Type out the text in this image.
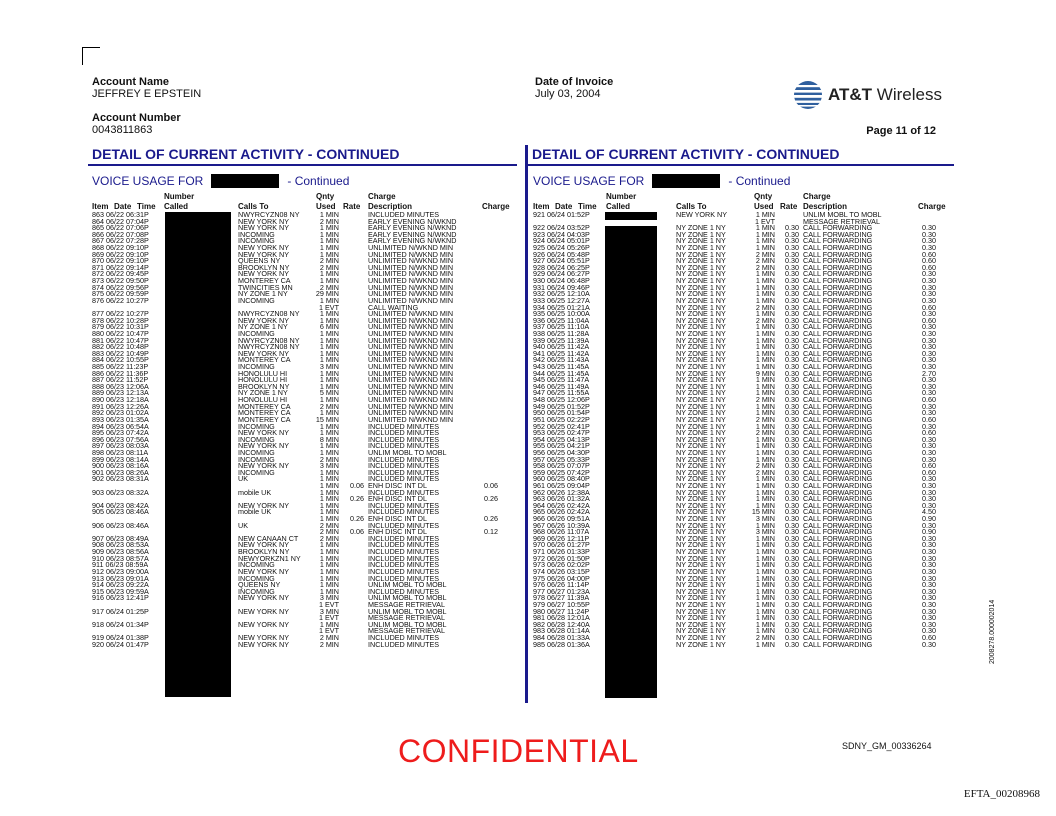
Account Name
JEFFREY E EPSTEIN
Account Number
0043811863
Date of Invoice
July 03, 2004	AT&T Wireless
Page 11 of 12
DETAIL OF CURRENT ACTIVITY - CONTINUED	DETAIL OF CURRENT ACTIVITY - CONTINUED
VOICE USAGE FOR	- Continued	VOICE USAGE FOR	- Continued
Number
Item Date Time Called	Calls To
Qnty
Used Rate
Charge
Description	Charge
Number
Item Date Time Called	Calls To
Qnty
Used Rate
Charge
Description	Charge
863 06/22 06:31P	NWYRCYZN08 NY	1 MIN	INCLUDED MINUTES
864 06/22 07:04P	NEW YORK NY	2 MIN	EARLY EVENING N/WKND
865 06/22 07:06P	NEW YORK NY	1 MIN	EARLY EVENING N/WKND
866 06/22 07:08P	INCOMING	1 MIN	EARLY EVENING N/WKND
867 06/22 07:28P	INCOMING	1 MIN	EARLY EVENING N/WKND
868 06/22 09:10P	NEW YORK NY	1 MIN	UNLIMITED N/WKND MIN
869 06/22 09:10P	NEW YORK NY	1 MIN	UNLIMITED N/WKND MIN
870 06/22 09:10P	QUEENS NY	2 MIN	UNLIMITED N/WKND MIN
871 06/22 09:14P	BROOKLYN NY	2 MIN	UNLIMITED N/WKND MIN
872 06/22 09:45P	NEW YORK NY	1 MIN	UNLIMITED N/WKND MIN
873 06/22 09:50P	MONTEREY CA	1 MIN	UNLIMITED N/WKND MIN
874 06/22 09:56P	TWINCITIES MN	2 MIN	UNLIMITED N/WKND MIN
875 06/22 09:59P	NY ZONE 1 NY	29 MIN	UNLIMITED N/WKND MIN
876 06/22 10:27P	INCOMING	1 MIN	UNLIMITED N/WKND MIN
1 EVT	CALL WAITING
877 06/22 10:27P	NWYRCYZN08 NY	1 MIN	UNLIMITED N/WKND MIN
878 06/22 10:28P	NEW YORK NY	1 MIN	UNLIMITED N/WKND MIN
879 06/22 10:31P	NY ZONE 1 NY	6 MIN	UNLIMITED N/WKND MIN
880 06/22 10:47P	INCOMING	1 MIN	UNLIMITED N/WKND MIN
881 06/22 10:47P	NWYRCYZN08 NY	1 MIN	UNLIMITED N/WKND MIN
882 06/22 10:48P	NWYRCYZN08 NY	1 MIN	UNLIMITED N/WKND MIN
883 06/22 10:49P	NEW YORK NY	1 MIN	UNLIMITED N/WKND MIN
884 06/22 10:55P	MONTEREY CA	1 MIN	UNLIMITED N/WKND MIN
885 06/22 11:23P	INCOMING	3 MIN	UNLIMITED N/WKND MIN
886 06/22 11:36P	HONOLULU HI	1 MIN	UNLIMITED N/WKND MIN
887 06/22 11:52P	HONOLULU HI	1 MIN	UNLIMITED N/WKND MIN
888 06/23 12:06A	BROOKLYN NY	1 MIN	UNLIMITED N/WKND MIN
889 06/23 12:13A	NY ZONE 1 NY	5 MIN	UNLIMITED N/WKND MIN
890 06/23 12:18A	HONOLULU HI	1 MIN	UNLIMITED N/WKND MIN
891 06/23 12:26A	MONTEREY CA	2 MIN	UNLIMITED N/WKND MIN
892 06/23 01:02A	MONTEREY CA	1 MIN	UNLIMITED N/WKND MIN
893 06/23 01:35A	MONTEREY CA	15 MIN	UNLIMITED N/WKND MIN
894 06/23 06:54A	INCOMING	1 MIN	INCLUDED MINUTES
895 06/23 07:42A	NEW YORK NY	1 MIN	INCLUDED MINUTES
896 06/23 07:56A	INCOMING	8 MIN	INCLUDED MINUTES
897 06/23 08:03A	NEW YORK NY	1 MIN	INCLUDED MINUTES
898 06/23 08:11A	INCOMING	1 MIN	UNLIM MOBL TO MOBL
899 06/23 08:14A	INCOMING	2 MIN	INCLUDED MINUTES
900 06/23 08:16A	NEW YORK NY	3 MIN	INCLUDED MINUTES
901 06/23 08:26A	INCOMING	1 MIN	INCLUDED MINUTES
902 06/23 08:31A	UK	1 MIN	INCLUDED MINUTES
1 MIN 0.06 ENH DISC INT DL	0.06
903 06/23 08:32A	mobile UK	1 MIN	INCLUDED MINUTES
1 MIN 0.26 ENH DISC INT DL	0.26
904 06/23 08:42A	NEW YORK NY	1 MIN	INCLUDED MINUTES
905 06/23 08:46A	mobile UK	1 MIN	INCLUDED MINUTES
1 MIN 0.26 ENH DISC INT DL	0.26
906 06/23 08:46A	UK	2 MIN	INCLUDED MINUTES
2 MIN 0.06 ENH DISC INT DL	0.12
907 06/23 08:49A	NEW CANAAN CT	2 MIN	INCLUDED MINUTES
908 06/23 08:53A	NEW YORK NY	1 MIN	INCLUDED MINUTES
909 06/23 08:56A	BROOKLYN NY	1 MIN	INCLUDED MINUTES
910 06/23 08:57A	NEWYORKZN1 NY	1 MIN	INCLUDED MINUTES
911 06/23 08:59A	INCOMING	1 MIN	INCLUDED MINUTES
912 06/23 09:00A	NEW YORK NY	1 MIN	INCLUDED MINUTES
913 06/23 09:01A	INCOMING	1 MIN	INCLUDED MINUTES
914 06/23 09:22A	QUEENS NY	1 MIN	UNLIM MOBL TO MOBL
915 06/23 09:59A	INCOMING	1 MIN	INCLUDED MINUTES
916 06/23 12:41P	NEW YORK NY	3 MIN	UNLIM MOBL TO MOBL
1 EVT	MESSAGE RETRIEVAL
917 06/24 01:25P	NEW YORK NY	3 MIN	UNLIM MOBL TO MOBL
1 EVT	MESSAGE RETRIEVAL
918 06/24 01:34P	NEW YORK NY	1 MIN	UNLIM MOBL TO MOBL
1 EVT	MESSAGE RETRIEVAL
919 06/24 01:38P	NEW YORK NY	2 MIN	INCLUDED MINUTES
920 06/24 01:47P	NEW YORK NY	2 MIN	INCLUDED MINUTES
921 06/24 01:52P	NEW YORK NY	1 MIN	UNLIM MOBL TO MOBL
1 EVT	MESSAGE RETRIEVAL
922 06/24 03:52P	NY ZONE 1 NY	1 MIN 0.30 CALL FORWARDING	0.30
923 06/24 04:03P	NY ZONE 1 NY	1 MIN 0.30 CALL FORWARDING	0.30
924 06/24 05:01P	NY ZONE 1 NY	1 MIN 0.30 CALL FORWARDING	0.30
925 06/24 05:26P	NY ZONE 1 NY	1 MIN 0.30 CALL FORWARDING	0.30
926 06/24 05:48P	NY ZONE 1 NY	2 MIN 0.30 CALL FORWARDING	0.60
927 06/24 05:51P	NY ZONE 1 NY	2 MIN 0.30 CALL FORWARDING	0.60
928 06/24 06:25P	NY ZONE 1 NY	2 MIN 0.30 CALL FORWARDING	0.60
929 06/24 06:27P	NY ZONE 1 NY	1 MIN 0.30 CALL FORWARDING	0.30
930 06/24 06:48P	NY ZONE 1 NY	1 MIN 0.30 CALL FORWARDING	0.30
931 06/24 09:46P	NY ZONE 1 NY	1 MIN 0.30 CALL FORWARDING	0.30
932 06/25 12:10A	NY ZONE 1 NY	1 MIN 0.30 CALL FORWARDING	0.30
933 06/25 12:27A	NY ZONE 1 NY	1 MIN 0.30 CALL FORWARDING	0.30
934 06/25 01:21A	NY ZONE 1 NY	2 MIN 0.30 CALL FORWARDING	0.60
935 06/25 10:00A	NY ZONE 1 NY	1 MIN 0.30 CALL FORWARDING	0.30
936 06/25 11:04A	NY ZONE 1 NY	2 MIN 0.30 CALL FORWARDING	0.60
937 06/25 11:10A	NY ZONE 1 NY	1 MIN 0.30 CALL FORWARDING	0.30
938 06/25 11:28A	NY ZONE 1 NY	1 MIN 0.30 CALL FORWARDING	0.30
939 06/25 11:39A	NY ZONE 1 NY	1 MIN 0.30 CALL FORWARDING	0.30
940 06/25 11:42A	NY ZONE 1 NY	1 MIN 0.30 CALL FORWARDING	0.30
941 06/25 11:42A	NY ZONE 1 NY	1 MIN 0.30 CALL FORWARDING	0.30
942 06/25 11:43A	NY ZONE 1 NY	1 MIN 0.30 CALL FORWARDING	0.30
943 06/25 11:45A	NY ZONE 1 NY	1 MIN 0.30 CALL FORWARDING	0.30
944 06/25 11:45A	NY ZONE 1 NY	9 MIN 0.30 CALL FORWARDING	2.70
945 06/25 11:47A	NY ZONE 1 NY	1 MIN 0.30 CALL FORWARDING	0.30
946 06/25 11:49A	NY ZONE 1 NY	1 MIN 0.30 CALL FORWARDING	0.30
947 06/25 11:55A	NY ZONE 1 NY	1 MIN 0.30 CALL FORWARDING	0.30
948 06/25 12:06P	NY ZONE 1 NY	2 MIN 0.30 CALL FORWARDING	0.60
949 06/25 01:52P	NY ZONE 1 NY	1 MIN 0.30 CALL FORWARDING	0.30
950 06/25 01:54P	NY ZONE 1 NY	1 MIN 0.30 CALL FORWARDING	0.30
951 06/25 02:22P	NY ZONE 1 NY	2 MIN 0.30 CALL FORWARDING	0.60
952 06/25 02:41P	NY ZONE 1 NY	1 MIN 0.30 CALL FORWARDING	0.30
953 06/25 02:47P	NY ZONE 1 NY	2 MIN 0.30 CALL FORWARDING	0.60
954 06/25 04:13P	NY ZONE 1 NY	1 MIN 0.30 CALL FORWARDING	0.30
955 06/25 04:21P	NY ZONE 1 NY	1 MIN 0.30 CALL FORWARDING	0.30
956 06/25 04:30P	NY ZONE 1 NY	1 MIN 0.30 CALL FORWARDING	0.30
957 06/25 05:33P	NY ZONE 1 NY	1 MIN 0.30 CALL FORWARDING	0.30
958 06/25 07:07P	NY ZONE 1 NY	2 MIN 0.30 CALL FORWARDING	0.60
959 06/25 07:42P	NY ZONE 1 NY	2 MIN 0.30 CALL FORWARDING	0.60
960 06/25 08:40P	NY ZONE 1 NY	1 MIN 0.30 CALL FORWARDING	0.30
961 06/25 09:04P	NY ZONE 1 NY	1 MIN 0.30 CALL FORWARDING	0.30
962 06/26 12:38A	NY ZONE 1 NY	1 MIN 0.30 CALL FORWARDING	0.30
963 06/26 01:32A	NY ZONE 1 NY	1 MIN 0.30 CALL FORWARDING	0.30
964 06/26 02:42A	NY ZONE 1 NY	1 MIN 0.30 CALL FORWARDING	0.30
965 06/26 02:42A	NY ZONE 1 NY	15 MIN 0.30 CALL FORWARDING	4.50
966 06/26 09:51A	NY ZONE 1 NY	3 MIN 0.30 CALL FORWARDING	0.90
967 06/26 10:39A	NY ZONE 1 NY	1 MIN 0.30 CALL FORWARDING	0.30
968 06/26 11:07A	NY ZONE 1 NY	3 MIN 0.30 CALL FORWARDING	0.90
969 06/26 12:11P	NY ZONE 1 NY	1 MIN 0.30 CALL FORWARDING	0.30
970 06/26 01:27P	NY ZONE 1 NY	1 MIN 0.30 CALL FORWARDING	0.30
971 06/26 01:33P	NY ZONE 1 NY	1 MIN 0.30 CALL FORWARDING	0.30
972 06/26 01:50P	NY ZONE 1 NY	1 MIN 0.30 CALL FORWARDING	0.30
973 06/26 02:02P	NY ZONE 1 NY	1 MIN 0.30 CALL FORWARDING	0.30
974 06/26 03:15P	NY ZONE 1 NY	1 MIN 0.30 CALL FORWARDING	0.30
975 06/26 04:00P	NY ZONE 1 NY	1 MIN 0.30 CALL FORWARDING	0.30
976 06/26 11:14P	NY ZONE 1 NY	1 MIN 0.30 CALL FORWARDING	0.30
977 06/27 01:23A	NY ZONE 1 NY	1 MIN 0.30 CALL FORWARDING	0.30
978 06/27 11:39A	NY ZONE 1 NY	1 MIN 0.30 CALL FORWARDING	0.30
979 06/27 10:55P	NY ZONE 1 NY	1 MIN 0.30 CALL FORWARDING	0.30
980 06/27 11:24P	NY ZONE 1 NY	1 MIN 0.30 CALL FORWARDING	0.30
981 06/28 12:01A	NY ZONE 1 NY	1 MIN 0.30 CALL FORWARDING	0.30
982 06/28 12:40A	NY ZONE 1 NY	1 MIN 0.30 CALL FORWARDING	0.30
983 06/28 01:14A	NY ZONE 1 NY	1 MIN 0.30 CALL FORWARDING	0.30
984 06/28 01:33A	NY ZONE 1 NY	2 MIN 0.30 CALL FORWARDING	0.60
985 06/28 01:36A	NY ZONE 1 NY	1 MIN 0.30 CALL FORWARDING	0.30
CONFIDENTIAL	SDNY_GM_00336264
EFTA_00208968
2008278.000002014
